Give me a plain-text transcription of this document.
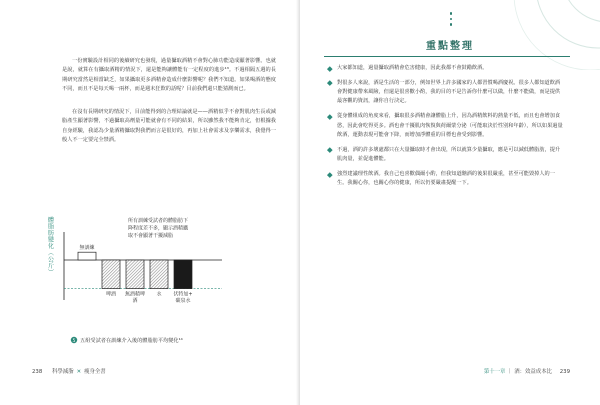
一份實驗設計相同的後續研究也發現，過量攝取酒精不會對心肺功能造成顯著影響。也就是說，就算在有攝取酒精的情況下，還是能夠讓體能有一定程度的進步¹³。不過相隔五週的長期研究當然是相當缺乏，如果攝取更多酒精會造成什麼影響呢？我們不知道。如果喝酒的態度不同，而且不是每天喝一兩杯，而是週末狂飲的話呢？目前我們還只能猜測而已。

在沒有長期研究的情況下，目前能得到的合理結論就是——酒精似乎不會對肌肉生長或減脂產生顯著影響，不過攝取高劑量可能就會有不同的結果，所以雖然我不能夠肯定，但根據我自身經驗，我認為少量酒精攝取對我們而言是很好的，再加上社會需求及享樂需求，我覺得一般人不一定要完全禁酒。

體脂肪變化（公斤）	所有訓練受試者的體脂肪下
降程度差不多，顯示酒精攝
取不會顯著干擾減脂
無訓練
啤酒 無酒精啤
酒
水 伏特加+
碳泉水
5 五組受試者在訓練介入後的體脂肪平均變化¹⁴
238 科學減脂 ✕ 瘦身全書
重點整理
大家都知道，過量攝取酒精會危害健康，因此我都不會鼓勵飲酒。
對很多人來說，酒是生活的一部分，例如世界上許多國家的人都習慣喝酒慶祝。很多人都知道飲酒會對健康帶來風險，但還是很喜歡小酌，我的目的不是告訴你什麼可以做，什麼不能做，而是提供最客觀的資訊，讓你自行決定。
從身體組成的角度來看，攝取很多酒精會讓體脂上升，因為酒精飲料的熱量不低，而且也會增加食慾，因此會吃得更多。酒也會干擾肌肉恢復與荷爾蒙分泌（可能取決於性別和年齡），所以如果過量飲酒，運動表現可能會下降，而增加淨體重的目標也會受到影響。
不過，酒的許多壞處都只在大量攝取時才會出現，所以就算少量攝取，應是可以減低體脂肪，提升肌肉量，並促進體能。
強烈建議理性飲酒。我自己也喜歡偶爾小酌，但我知道酗酒的後果很嚴重，甚至可能毀掉人的一生。我關心你，也關心你的健康，所以仍要嚴肅提醒一下。
第十一章 ｜ 酒：效益成本比 239
